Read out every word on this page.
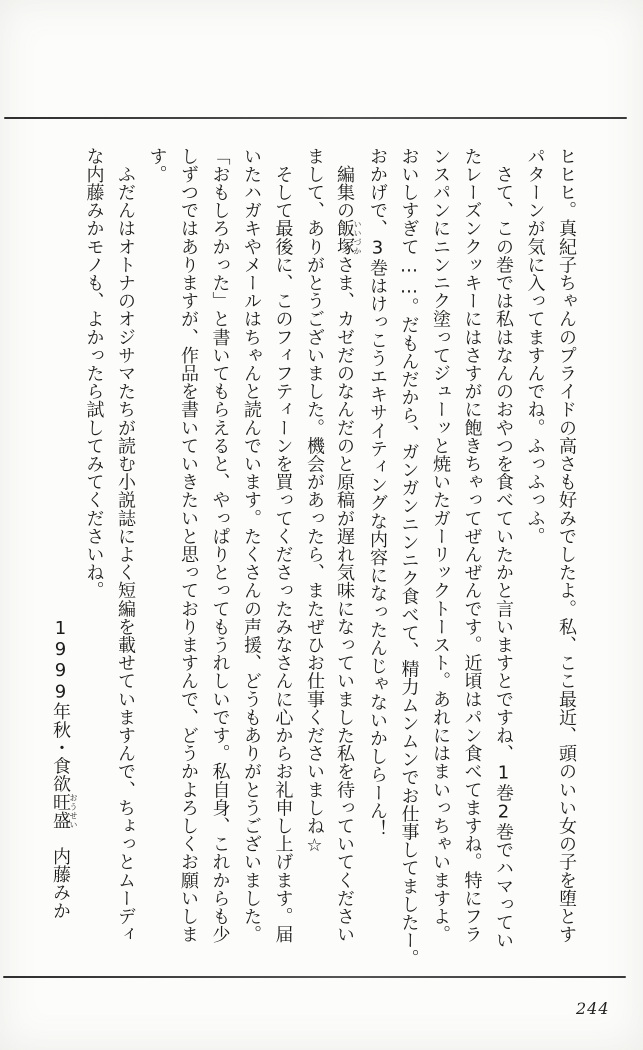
ヒヒヒ。真紀子ちゃんのプライドの高さも好みでしたよ。私、ここ最近、頭のいい女の子を堕とす
パターンが気に入ってますんでね。ふっふっふ。
　さて、この巻では私はなんのおやつを食べていたかと言いますとですね、1巻2巻でハマってい
たレーズンクッキーにはさすがに飽きちゃってぜんぜんです。近頃はパン食べてますね。特にフラ
ンスパンにニンニク塗ってジューッと焼いたガーリックトースト。あれにはまいっちゃいますよ。
おいしすぎて……。だもんだから、ガンガンニンニク食べて、精力ムンムンでお仕事してましたー。
おかげで、3巻はけっこうエキサイティングな内容になったんじゃないかしらーん！
　編集の飯塚いいづかさま、カゼだのなんだのと原稿が遅れ気味になっていました私を待っていてください
まして、ありがとうございました。機会があったら、またぜひお仕事くださいましね☆
　そして最後に、このフィフティーンを買ってくださったみなさんに心からお礼申し上げます。届
いたハガキやメールはちゃんと読んでいます。たくさんの声援、どうもありがとうございました。
「おもしろかった」と書いてもらえると、やっぱりとってもうれしいです。私自身、これからも少
しずつではありますが、作品を書いていきたいと思っておりますんで、どうかよろしくお願いしま
す。
　ふだんはオトナのオジサマたちが読む小説誌によく短編を載せていますんで、ちょっとムーディ
な内藤みかモノも、よかったら試してみてくださいね。
1999年秋・食欲旺盛おうせい　内藤みか
244
